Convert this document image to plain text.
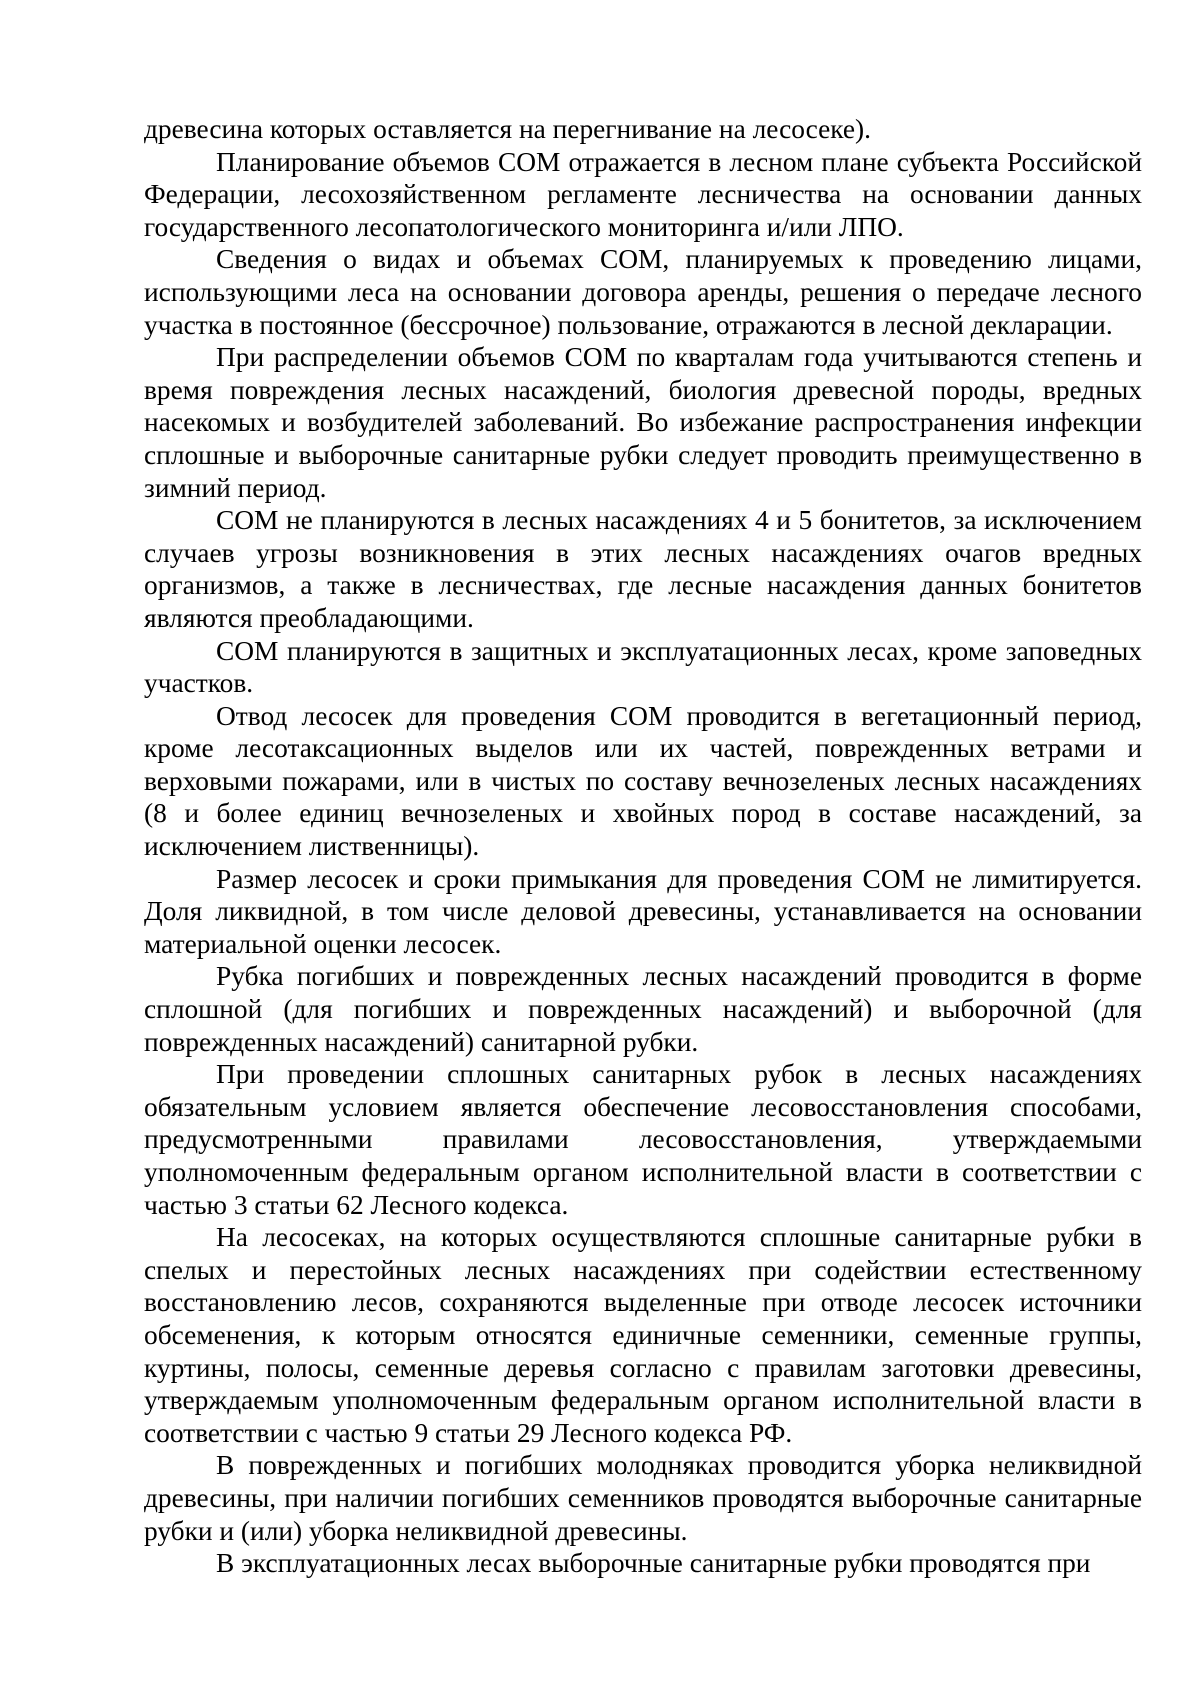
древесина которых оставляется на перегнивание на лесосеке).

Планирование объемов СОМ отражается в лесном плане субъекта Российской Федерации, лесохозяйственном регламенте лесничества на основании данных государственного лесопатологического мониторинга и/или ЛПО.

Сведения о видах и объемах СОМ, планируемых к проведению лицами, использующими леса на основании договора аренды, решения о передаче лесного участка в постоянное (бессрочное) пользование, отражаются в лесной декларации.

При распределении объемов СОМ по кварталам года учитываются степень и время повреждения лесных насаждений, биология древесной породы, вредных насекомых и возбудителей заболеваний. Во избежание распространения инфекции сплошные и выборочные санитарные рубки следует проводить преимущественно в зимний период.

СОМ не планируются в лесных насаждениях 4 и 5 бонитетов, за исключением случаев угрозы возникновения в этих лесных насаждениях очагов вредных организмов, а также в лесничествах, где лесные насаждения данных бонитетов являются преобладающими.

СОМ планируются в защитных и эксплуатационных лесах, кроме заповедных участков.

Отвод лесосек для проведения СОМ проводится в вегетационный период, кроме лесотаксационных выделов или их частей, поврежденных ветрами и верховыми пожарами, или в чистых по составу вечнозеленых лесных насаждениях (8 и более единиц вечнозеленых и хвойных пород в составе насаждений, за исключением лиственницы).

Размер лесосек и сроки примыкания для проведения СОМ не лимитируется. Доля ликвидной, в том числе деловой древесины, устанавливается на основании материальной оценки лесосек.

Рубка погибших и поврежденных лесных насаждений проводится в форме сплошной (для погибших и поврежденных насаждений) и выборочной (для поврежденных насаждений) санитарной рубки.

При проведении сплошных санитарных рубок в лесных насаждениях обязательным условием является обеспечение лесовосстановления способами, предусмотренными правилами лесовосстановления, утверждаемыми уполномоченным федеральным органом исполнительной власти в соответствии с частью 3 статьи 62 Лесного кодекса.

На лесосеках, на которых осуществляются сплошные санитарные рубки в спелых и перестойных лесных насаждениях при содействии естественному восстановлению лесов, сохраняются выделенные при отводе лесосек источники обсеменения, к которым относятся единичные семенники, семенные группы, куртины, полосы, семенные деревья согласно с правилам заготовки древесины, утверждаемым уполномоченным федеральным органом исполнительной власти в соответствии с частью 9 статьи 29 Лесного кодекса РФ.

В поврежденных и погибших молодняках проводится уборка неликвидной древесины, при наличии погибших семенников проводятся выборочные санитарные рубки и (или) уборка неликвидной древесины.

В эксплуатационных лесах выборочные санитарные рубки проводятся при
